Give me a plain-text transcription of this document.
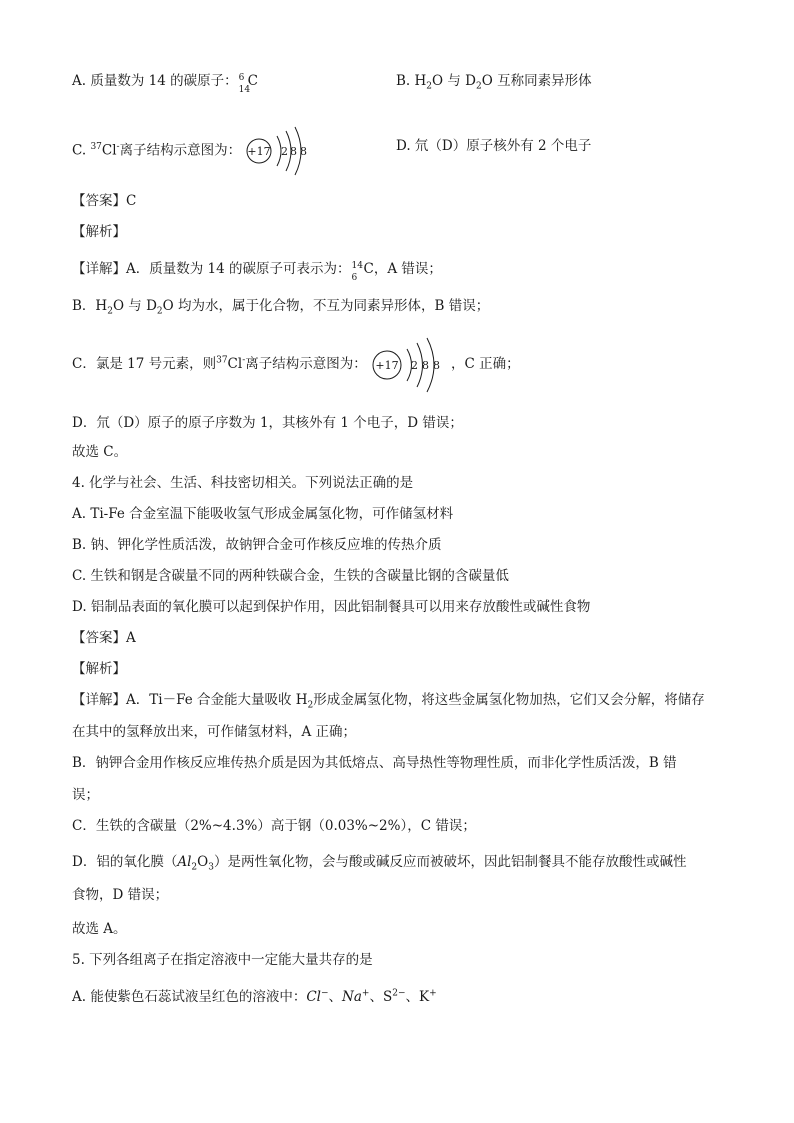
A. 质量数为 14 的碳原子： 6
14
C	B. $H_2O$ 与 $D_2O$ 互称同素异形体
C. $^{37}$Cl-离子结构示意图为： +17 2 8 8	D. 氘（D）原子核外有 2 个电子
【答案】C
【解析】
【详解】A．质量数为 14 的碳原子可表示为： 14
6
C，A 错误；
B．$H_2O$ 与 $D_2O$ 均为水，属于化合物，不互为同素异形体，B 错误；
C．氯是 17 号元素，则$^{37}$Cl-离子结构示意图为： +17 2 8 8 ，C 正确；
D．氘（D）原子的原子序数为 1，其核外有 1 个电子，D 错误；
故选 C。
4. 化学与社会、生活、科技密切相关。下列说法正确的是
A. Ti-Fe 合金室温下能吸收氢气形成金属氢化物，可作储氢材料
B. 钠、钾化学性质活泼，故钠钾合金可作核反应堆的传热介质
C. 生铁和钢是含碳量不同的两种铁碳合金，生铁的含碳量比钢的含碳量低
D. 铝制品表面的氧化膜可以起到保护作用，因此铝制餐具可以用来存放酸性或碱性食物
【答案】A
【解析】
【详解】A．Ti－Fe 合金能大量吸收 $H_2$形成金属氢化物，将这些金属氢化物加热，它们又会分解，将储存
在其中的氢释放出来，可作储氢材料，A 正确；
B．钠钾合金用作核反应堆传热介质是因为其低熔点、高导热性等物理性质，而非化学性质活泼，B 错
误；
C．生铁的含碳量（2%~4.3%）高于钢（0.03%~2%），C 错误；
D．铝的氧化膜$(Al_2O_3)$是两性氧化物，会与酸或碱反应而被破坏，因此铝制餐具不能存放酸性或碱性
食物，D 错误；
故选 A。
5. 下列各组离子在指定溶液中一定能大量共存的是
A. 能使紫色石蕊试液呈红色的溶液中：Cl−、Na+、$S^{2-}$、K+
